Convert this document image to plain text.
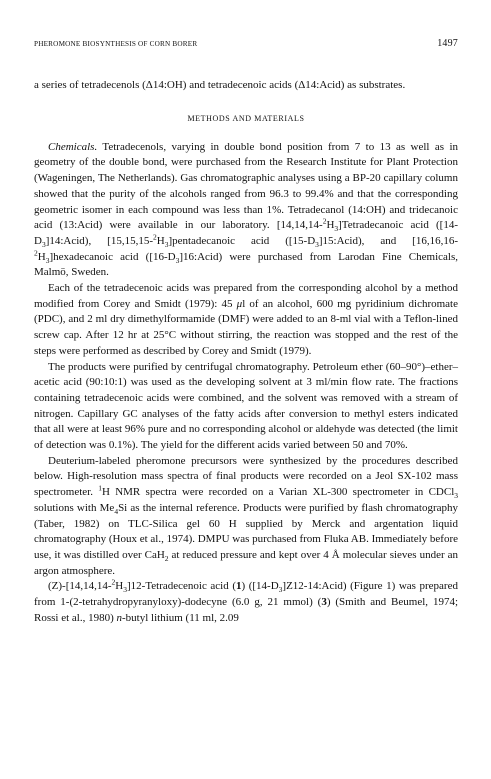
PHEROMONE BIOSYNTHESIS OF CORN BORER	1497

a series of tetradecenols (Δ14:OH) and tetradecenoic acids (Δ14:Acid) as substrates.

METHODS AND MATERIALS

Chemicals. Tetradecenols, varying in double bond position from 7 to 13 as well as in geometry of the double bond, were purchased from the Research Institute for Plant Protection (Wageningen, The Netherlands). Gas chromatographic analyses using a BP-20 capillary column showed that the purity of the alcohols ranged from 96.3 to 99.4% and that the corresponding geometric isomer in each compound was less than 1%. Tetradecanol (14:OH) and tridecanoic acid (13:Acid) were available in our laboratory. $[14,14,14-^2H_3]Tetradecanoic$ acid $([14-D_3]14:Acid)$, $[15,15,15-^2H_3]pentadecanoic$ acid $([15-D_3]15:Acid)$, and $[16,16,16-^2H_3]hexadecanoic$ acid $([16-D_3]16:Acid)$ were purchased from Larodan Fine Chemicals, Malmö, Sweden.

Each of the tetradecenoic acids was prepared from the corresponding alcohol by a method modified from Corey and Smidt (1979): 45 μl of an alcohol, 600 mg pyridinium dichromate (PDC), and 2 ml dry dimethylformamide (DMF) were added to an 8-ml vial with a Teflon-lined screw cap. After 12 hr at 25°C without stirring, the reaction was stopped and the rest of the steps were performed as described by Corey and Smidt (1979).

The products were purified by centrifugal chromatography. Petroleum ether (60–90°)–ether–acetic acid (90:10:1) was used as the developing solvent at 3 ml/min flow rate. The fractions containing tetradecenoic acids were combined, and the solvent was removed with a stream of nitrogen. Capillary GC analyses of the fatty acids after conversion to methyl esters indicated that all were at least 96% pure and no corresponding alcohol or aldehyde was detected (the limit of detection was 0.1%). The yield for the different acids varied between 50 and 70%.

Deuterium-labeled pheromone precursors were synthesized by the procedures described below. High-resolution mass spectra of final products were recorded on a Jeol SX-102 mass spectrometer. $^1$H NMR spectra were recorded on a Varian XL-300 spectrometer in CDCl$_3$ solutions with $Me_4Si$ as the internal reference. Products were purified by flash chromatography (Taber, 1982) on TLC-Silica gel 60 H supplied by Merck and argentation liquid chromatography (Houx et al., 1974). DMPU was purchased from Fluka AB. Immediately before use, it was distilled over CaH$_2$ at reduced pressure and kept over 4 Å molecular sieves under an argon atmosphere.

$(Z)-[14,14,14-^2H_3]12$-Tetradecenoic acid (1) $([14-D_3]Z12-14:Acid)$ (Figure 1) was prepared from 1-(2-tetrahydropyranyloxy)-dodecyne (6.0 g, 21 mmol) (3) (Smith and Beumel, 1974; Rossi et al., 1980) n-butyl lithium (11 ml, 2.09
